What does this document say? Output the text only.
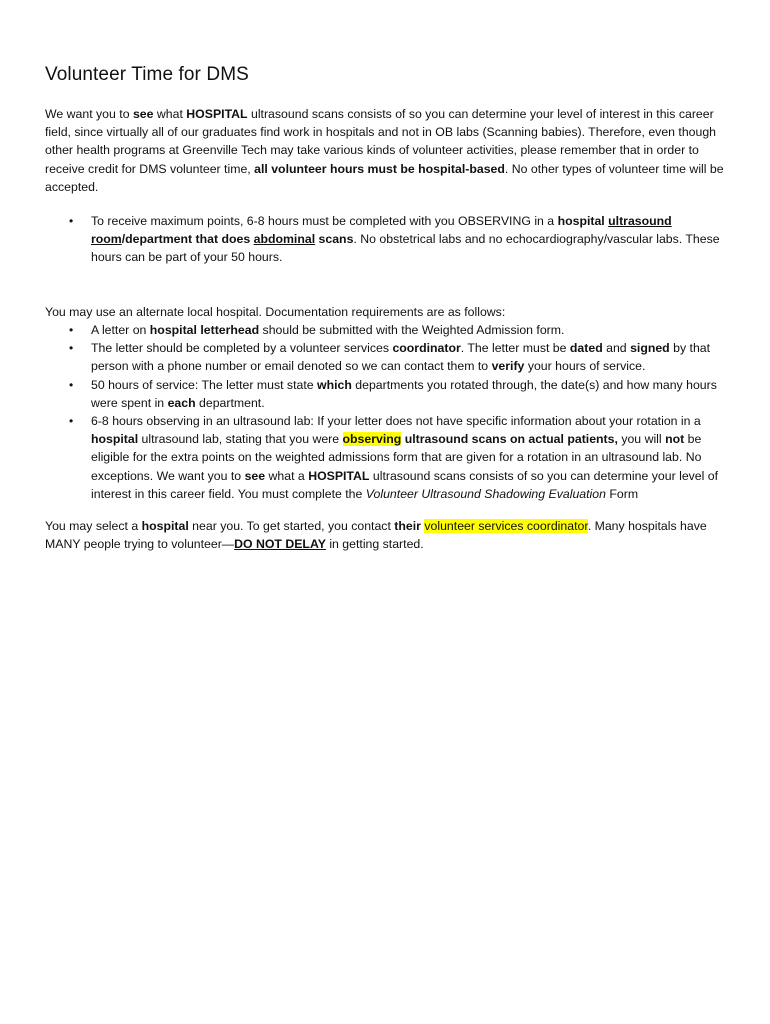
Volunteer Time for DMS

We want you to see what HOSPITAL ultrasound scans consists of so you can determine your level of interest in this career field, since virtually all of our graduates find work in hospitals and not in OB labs (Scanning babies). Therefore, even though other health programs at Greenville Tech may take various kinds of volunteer activities, please remember that in order to receive credit for DMS volunteer time, all volunteer hours must be hospital-based. No other types of volunteer time will be accepted.

• To receive maximum points, 6-8 hours must be completed with you OBSERVING in a hospital ultrasound room/department that does abdominal scans. No obstetrical labs and no echocardiography/vascular labs. These hours can be part of your 50 hours.

You may use an alternate local hospital. Documentation requirements are as follows:

• A letter on hospital letterhead should be submitted with the Weighted Admission form.
• The letter should be completed by a volunteer services coordinator. The letter must be dated and signed by that person with a phone number or email denoted so we can contact them to verify your hours of service.
• 50 hours of service: The letter must state which departments you rotated through, the date(s) and how many hours were spent in each department.
• 6-8 hours observing in an ultrasound lab: If your letter does not have specific information about your rotation in a hospital ultrasound lab, stating that you were observing ultrasound scans on actual patients, you will not be eligible for the extra points on the weighted admissions form that are given for a rotation in an ultrasound lab. No exceptions. We want you to see what a HOSPITAL ultrasound scans consists of so you can determine your level of interest in this career field. You must complete the Volunteer Ultrasound Shadowing Evaluation Form

You may select a hospital near you. To get started, you contact their volunteer services coordinator. Many hospitals have MANY people trying to volunteer—DO NOT DELAY in getting started.
